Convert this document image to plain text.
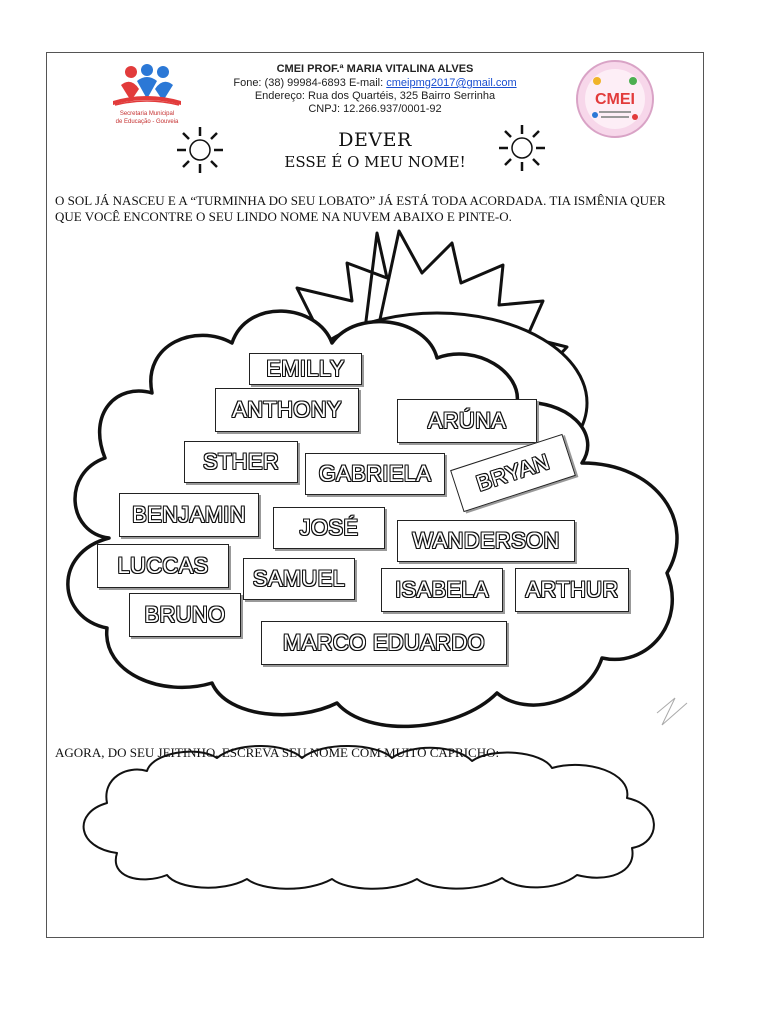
Secretaria Municipal
de Educação - Gouveia
CMEI
CMEI PROF.ª MARIA VITALINA ALVES
Fone: (38) 99984-6893 E-mail: cmeipmg2017@gmail.com
Endereço: Rua dos Quartéis, 325 Bairro Serrinha
CNPJ: 12.266.937/0001-92
DEVER
ESSE É O MEU NOME!
O SOL JÁ NASCEU E A “TURMINHA DO SEU LOBATO” JÁ ESTÁ TODA ACORDADA. TIA ISMÊNIA QUER QUE VOCÊ ENCONTRE O SEU LINDO NOME NA NUVEM ABAIXO E PINTE-O.
EMILLY
ANTHONY	ARÚNA
STHER	GABRIELA	BRYAN
BENJAMIN
JOSÉ
WANDERSON
LUCCAS
SAMUEL	ISABELA	ARTHUR
BRUNO
MARCO EDUARDO
AGORA, DO SEU JEITINHO, ESCREVA SEU NOME COM MUITO CAPRICHO:
